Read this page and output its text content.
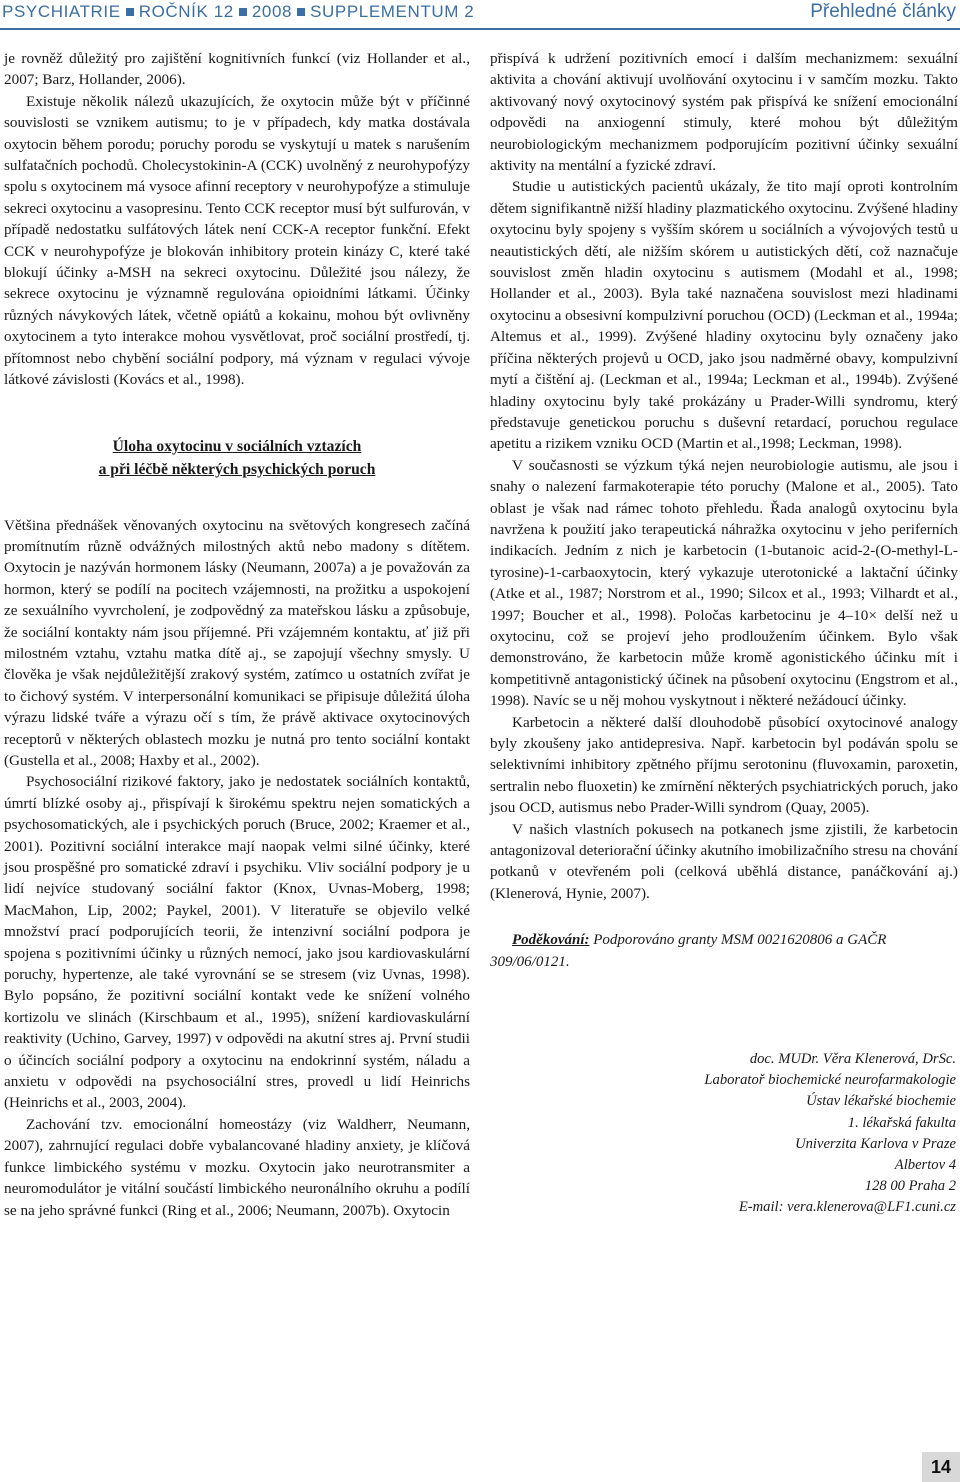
PSYCHIATRIE ROČNÍK 12 2008 SUPPLEMENTUM 2	Přehledné články

je rovněž důležitý pro zajištění kognitivních funkcí (viz Hollander et al., 2007; Barz, Hollander, 2006).

Existuje několik nálezů ukazujících, že oxytocin může být v příčinné souvislosti se vznikem autismu; to je v případech, kdy matka dostávala oxytocin během porodu; poruchy porodu se vyskytují u matek s narušením sulfatačních pochodů. Cholecystokinin-A (CCK) uvolněný z neurohypofýzy spolu s oxytocinem má vysoce afinní receptory v neurohypofýze a stimuluje sekreci oxytocinu a vasopresinu. Tento CCK receptor musí být sulfurován, v případě nedostatku sulfátových látek není CCK-A receptor funkční. Efekt CCK v neurohypofýze je blokován inhibitory protein kinázy C, které také blokují účinky a-MSH na sekreci oxytocinu. Důležité jsou nálezy, že sekrece oxytocinu je významně regulována opioidními látkami. Účinky různých návykových látek, včetně opiátů a kokainu, mohou být ovlivněny oxytocinem a tyto interakce mohou vysvětlovat, proč sociální prostředí, tj. přítomnost nebo chybění sociální podpory, má význam v regulaci vývoje látkové závislosti (Kovács et al., 1998).

Úloha oxytocinu v sociálních vztazích
a při léčbě některých psychických poruch

Většina přednášek věnovaných oxytocinu na světových kongresech začíná promítnutím různě odvážných milostných aktů nebo madony s dítětem. Oxytocin je nazýván hormonem lásky (Neumann, 2007a) a je považován za hormon, který se podílí na pocitech vzájemnosti, na prožitku a uspokojení ze sexuálního vyvrcholení, je zodpovědný za mateřskou lásku a způsobuje, že sociální kontakty nám jsou příjemné. Při vzájemném kontaktu, ať již při milostném vztahu, vztahu matka dítě aj., se zapojují všechny smysly. U člověka je však nejdůležitější zrakový systém, zatímco u ostatních zvířat je to čichový systém. V interpersonální komunikaci se připisuje důležitá úloha výrazu lidské tváře a výrazu očí s tím, že právě aktivace oxytocinových receptorů v některých oblastech mozku je nutná pro tento sociální kontakt (Gustella et al., 2008; Haxby et al., 2002).

Psychosociální rizikové faktory, jako je nedostatek sociálních kontaktů, úmrtí blízké osoby aj., přispívají k širokému spektru nejen somatických a psychosomatických, ale i psychických poruch (Bruce, 2002; Kraemer et al., 2001). Pozitivní sociální interakce mají naopak velmi silné účinky, které jsou prospěšné pro somatické zdraví i psychiku. Vliv sociální podpory je u lidí nejvíce studovaný sociální faktor (Knox, Uvnas-Moberg, 1998; MacMahon, Lip, 2002; Paykel, 2001). V literatuře se objevilo velké množství prací podporujících teorii, že intenzivní sociální podpora je spojena s pozitivními účinky u různých nemocí, jako jsou kardiovaskulární poruchy, hypertenze, ale také vyrovnání se se stresem (viz Uvnas, 1998). Bylo popsáno, že pozitivní sociální kontakt vede ke snížení volného kortizolu ve slinách (Kirschbaum et al., 1995), snížení kardiovaskulární reaktivity (Uchino, Garvey, 1997) v odpovědi na akutní stres aj. První studii o účincích sociální podpory a oxytocinu na endokrinní systém, náladu a anxietu v odpovědi na psychosociální stres, provedl u lidí Heinrichs (Heinrichs et al., 2003, 2004).

Zachování tzv. emocionální homeostázy (viz Waldherr, Neumann, 2007), zahrnující regulaci dobře vybalancované hladiny anxiety, je klíčová funkce limbického systému v mozku. Oxytocin jako neurotransmiter a neuromodulátor je vitální součástí limbického neuronálního okruhu a podílí se na jeho správné funkci (Ring et al., 2006; Neumann, 2007b). Oxytocin

přispívá k udržení pozitivních emocí i dalším mechanizmem: sexuální aktivita a chování aktivují uvolňování oxytocinu i v samčím mozku. Takto aktivovaný nový oxytocinový systém pak přispívá ke snížení emocionální odpovědi na anxiogenní stimuly, které mohou být důležitým neurobiologickým mechanizmem podporujícím pozitivní účinky sexuální aktivity na mentální a fyzické zdraví.

Studie u autistických pacientů ukázaly, že tito mají oproti kontrolním dětem signifikantně nižší hladiny plazmatického oxytocinu. Zvýšené hladiny oxytocinu byly spojeny s vyšším skórem u sociálních a vývojových testů u neautistických dětí, ale nižším skórem u autistických dětí, což naznačuje souvislost změn hladin oxytocinu s autismem (Modahl et al., 1998; Hollander et al., 2003). Byla také naznačena souvislost mezi hladinami oxytocinu a obsesivní kompulzivní poruchou (OCD) (Leckman et al., 1994a; Altemus et al., 1999). Zvýšené hladiny oxytocinu byly označeny jako příčina některých projevů u OCD, jako jsou nadměrné obavy, kompulzivní mytí a čištění aj. (Leckman et al., 1994a; Leckman et al., 1994b). Zvýšené hladiny oxytocinu byly také prokázány u Prader-Willi syndromu, který představuje genetickou poruchu s duševní retardací, poruchou regulace apetitu a rizikem vzniku OCD (Martin et al.,1998; Leckman, 1998).

V současnosti se výzkum týká nejen neurobiologie autismu, ale jsou i snahy o nalezení farmakoterapie této poruchy (Malone et al., 2005). Tato oblast je však nad rámec tohoto přehledu. Řada analogů oxytocinu byla navržena k použití jako terapeutická náhražka oxytocinu v jeho periferních indikacích. Jedním z nich je karbetocin (1-butanoic acid-2-(O-methyl-L-tyrosine)-1-carbaoxytocin, který vykazuje uterotonické a laktační účinky (Atke et al., 1987; Norstrom et al., 1990; Silcox et al., 1993; Vilhardt et al., 1997; Boucher et al., 1998). Poločas karbetocinu je 4–10× delší než u oxytocinu, což se projeví jeho prodloužením účinkem. Bylo však demonstrováno, že karbetocin může kromě agonistického účinku mít i kompetitivně antagonistický účinek na působení oxytocinu (Engstrom et al., 1998). Navíc se u něj mohou vyskytnout i některé nežádoucí účinky.

Karbetocin a některé další dlouhodobě působící oxytocinové analogy byly zkoušeny jako antidepresiva. Např. karbetocin byl podáván spolu se selektivními inhibitory zpětného příjmu serotoninu (fluvoxamin, paroxetin, sertralin nebo fluoxetin) ke zmírnění některých psychiatrických poruch, jako jsou OCD, autismus nebo Prader-Willi syndrom (Quay, 2005).

V našich vlastních pokusech na potkanech jsme zjistili, že karbetocin antagonizoval deteriorační účinky akutního imobilizačního stresu na chování potkanů v otevřeném poli (celková uběhlá distance, panáčkování aj.) (Klenerová, Hynie, 2007).

Poděkování: Podporováno granty MSM 0021620806 a GAČR 309/06/0121.

doc. MUDr. Věra Klenerová, DrSc.
Laboratoř biochemické neurofarmakologie
Ústav lékařské biochemie
1. lékařská fakulta
Univerzita Karlova v Praze
Albertov 4
128 00 Praha 2
E-mail: vera.klenerova@LF1.cuni.cz
14
